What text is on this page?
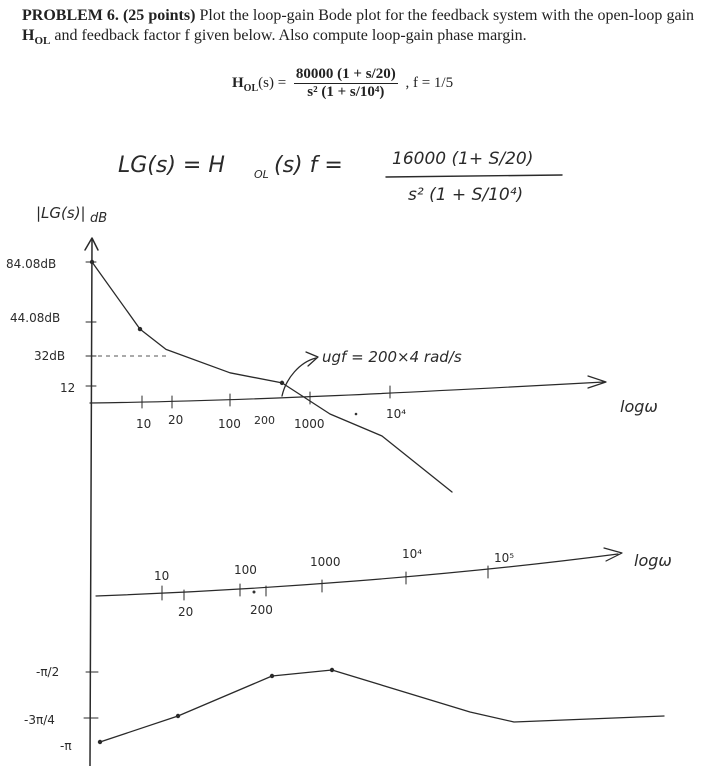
PROBLEM 6. (25 points) Plot the loop-gain Bode plot for the feedback system with the open-loop gain $H_{OL}$ and feedback factor f given below. Also compute loop-gain phase margin.
$H_{OL}(s) = \frac{80000 (1 + s/20)}{\text{s² (1 + s/10⁴)}}$ , f = 1/5
LG(s) = H	OL (s) f =	16000 (1+ S/20)
s² (1 + S/10⁴)
|LG(s)| dB
logω
84.08dB
44.08dB
32dB
12
10 20	100 200 1000
10⁴
ugf = 200×4 rad/s
logω
10
20
100
200
1000
10⁴	10⁵
-π/2
-3π/4
-π
